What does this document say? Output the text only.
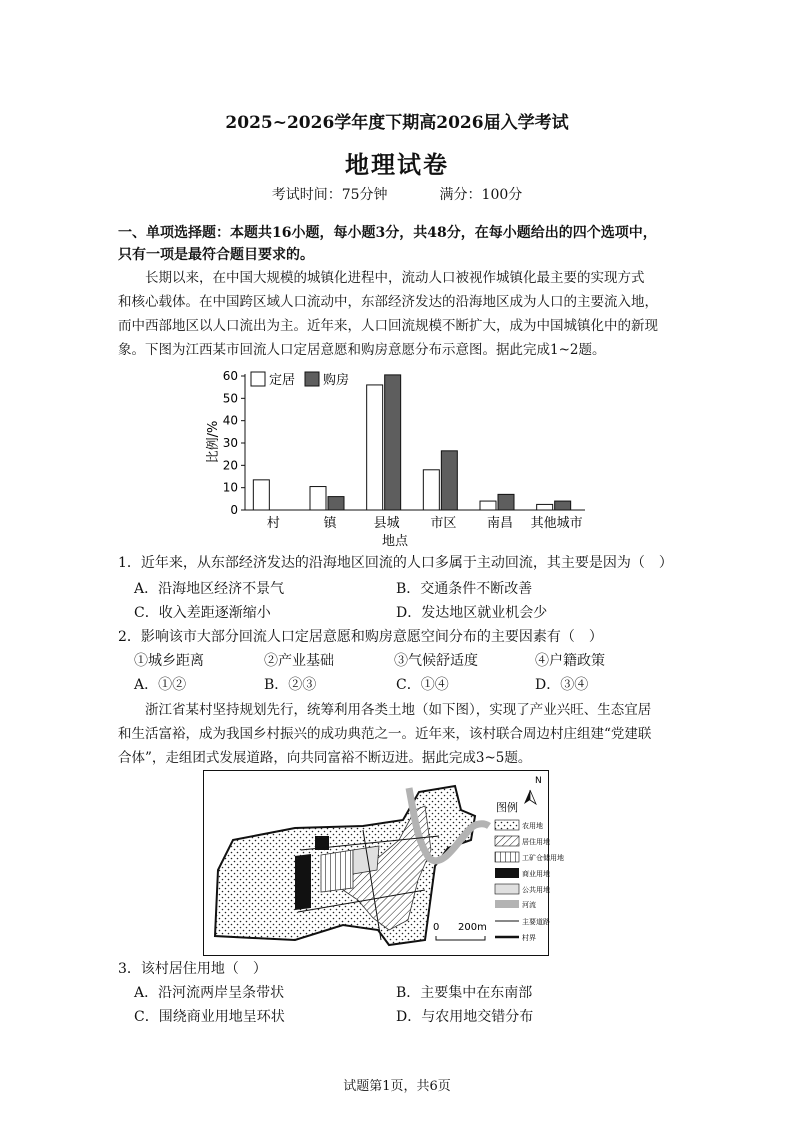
2025~2026学年度下期高2026届入学考试
地理试卷
考试时间：75分钟	满分：100分
一、单项选择题：本题共16小题，每小题3分，共48分，在每小题给出的四个选项中，
只有一项是最符合题目要求的。
长期以来，在中国大规模的城镇化进程中，流动人口被视作城镇化最主要的实现方式
和核心载体。在中国跨区域人口流动中，东部经济发达的沿海地区成为人口的主要流入地，
而中西部地区以人口流出为主。近年来，人口回流规模不断扩大，成为中国城镇化中的新现
象。下图为江西某市回流人口定居意愿和购房意愿分布示意图。据此完成1~2题。
0
10
20
30
40
50
60
村	镇	县城 市区 南昌 其他城市
定居 购房
地点
比例/%
1．近年来，从东部经济发达的沿海地区回流的人口多属于主动回流，其主要是因为（　）
A．沿海地区经济不景气	B．交通条件不断改善
C．收入差距逐渐缩小	D．发达地区就业机会少
2．影响该市大部分回流人口定居意愿和购房意愿空间分布的主要因素有（　）
①城乡距离	②产业基础	③气候舒适度	④户籍政策
A．①②	B．②③	C．①④	D．③④
浙江省某村坚持规划先行，统筹利用各类土地（如下图），实现了产业兴旺、生态宜居
和生活富裕，成为我国乡村振兴的成功典范之一。近年来，该村联合周边村庄组建“党建联
合体”，走组团式发展道路，向共同富裕不断迈进。据此完成3~5题。
N
图例
农用地
居住用地
工矿仓储用地
商业用地
公共用地
河流
主要道路
村界
0 200m
3．该村居住用地（　）
A．沿河流两岸呈条带状	B．主要集中在东南部
C．围绕商业用地呈环状	D．与农用地交错分布
试题第1页，共6页
